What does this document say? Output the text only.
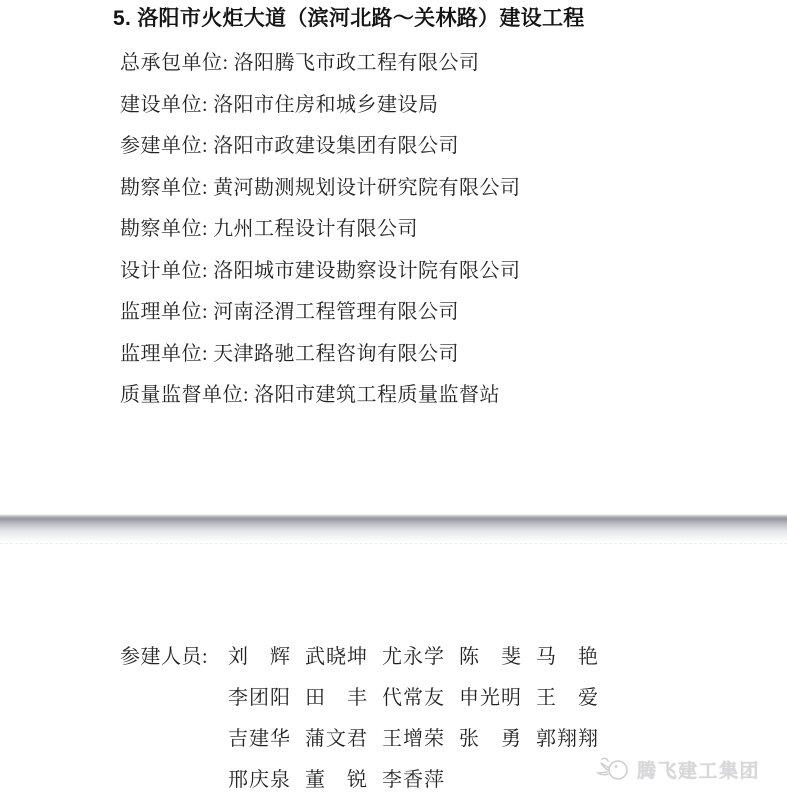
5. 洛阳市火炬大道（滨河北路～关林路）建设工程
总承包单位: 洛阳腾飞市政工程有限公司
建设单位: 洛阳市住房和城乡建设局
参建单位: 洛阳市政建设集团有限公司
勘察单位: 黄河勘测规划设计研究院有限公司
勘察单位: 九州工程设计有限公司
设计单位: 洛阳城市建设勘察设计院有限公司
监理单位: 河南泾渭工程管理有限公司
监理单位: 天津路驰工程咨询有限公司
质量监督单位: 洛阳市建筑工程质量监督站
参建人员: 刘　辉 武晓坤 尤永学 陈　斐 马　艳
李团阳 田　丰 代常友 申光明 王　爱
吉建华 蒲文君 王增荣 张　勇 郭翔翔
邢庆泉 董　锐 李香萍	腾飞建工集团
